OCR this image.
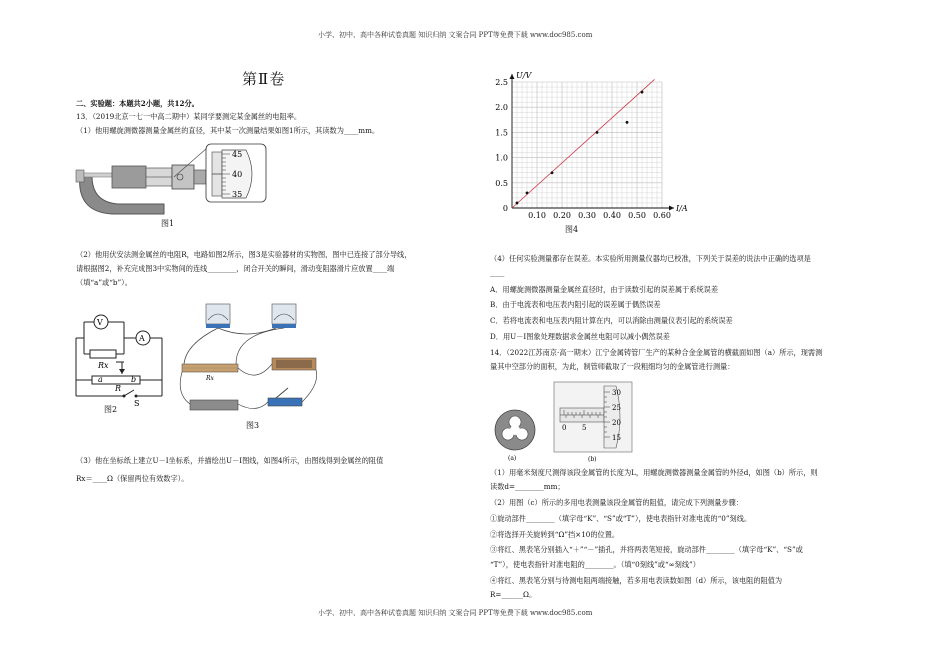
小学、初中、高中各种试卷真题 知识归纳 文案合同 PPT等免费下载 www.doc985.com
小学、初中、高中各种试卷真题 知识归纳 文案合同 PPT等免费下载 www.doc985.com
第Ⅱ卷
二、实验题：本题共2小题，共12分。
13．（2019北京一七一中高二期中）某同学要测定某金属丝的电阻率。
（1）他用螺旋测微器测量金属丝的直径，其中某一次测量结果如图1所示，其读数为____mm。
45
40
35
图1
（2）他用伏安法测金属丝的电阻R，电路如图2所示，图3是实验器材的实物图，图中已连接了部分导线，
请根据图2，补充完成图3中实物间的连线________，闭合开关的瞬间，滑动变阻器滑片应放置____端
（填“a”或“b”）。
V
A
Rx
a	b
R
S
图2
Rx
图3
（3）他在坐标纸上建立U－I坐标系，并描绘出U－I图线，如图4所示，由图线得到金属丝的阻值
Rx＝____Ω（保留两位有效数字）。
0.10 0.20 0.30 0.40 0.50 0.60
0.5
1.0
1.5
2.0
2.5
0	I/A
U/V
图4
（4）任何实验测量都存在误差。本实验所用测量仪器均已校准，下列关于误差的说法中正确的选项是
____
A．用螺旋测微器测量金属丝直径时，由于读数引起的误差属于系统误差
B．由于电流表和电压表内阻引起的误差属于偶然误差
C．若将电流表和电压表内阻计算在内，可以消除由测量仪表引起的系统误差
D．用U－I图象处理数据求金属丝电阻可以减小偶然误差
14．（2022江苏南京·高一期末）江宁金属铸管厂生产的某种合金金属管的横截面如图（a）所示，现需测
量其中空部分的面积，为此，制管师截取了一段粗细均匀的金属管进行测量：
(a)
0 5
30
25
20
15
(b)
（1）用毫米刻度尺测得该段金属管的长度为L，用螺旋测微器测量金属管的外径d，如图（b）所示，则
读数d=________mm；
（2）用图（c）所示的多用电表测量该段金属管的阻值，请完成下列测量步骤：
①旋动部件________（填字母“K”、“S”或“T”），使电表指针对准电流的“0”刻线。
②将选择开关旋转到“Ω”挡×10的位置。
③将红、黑表笔分别插入“＋”“－”插孔，并将两表笔短接，旋动部件________（填字母“K”、“S”或
“T”），使电表指针对准电阻的________。（填“0刻线”或“∞刻线”）
④将红、黑表笔分别与待测电阻两端接触，若多用电表读数如图（d）所示，该电阻的阻值为
R=______Ω。
